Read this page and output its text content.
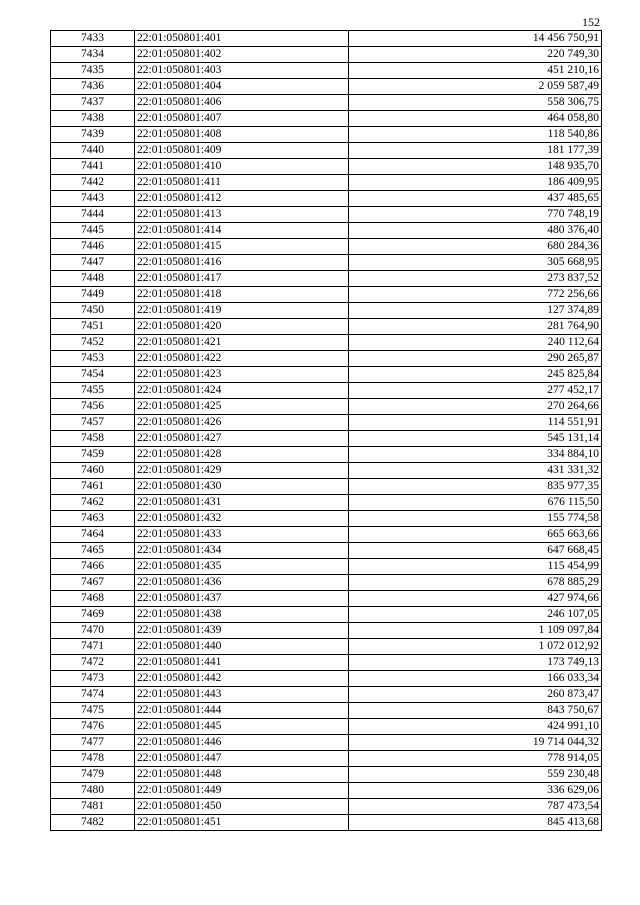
152
7433	22:01:050801:401	14 456 750,91
7434	22:01:050801:402	220 749,30
7435	22:01:050801:403	451 210,16
7436	22:01:050801:404	2 059 587,49
7437	22:01:050801:406	558 306,75
7438	22:01:050801:407	464 058,80
7439	22:01:050801:408	118 540,86
7440	22:01:050801:409	181 177,39
7441	22:01:050801:410	148 935,70
7442	22:01:050801:411	186 409,95
7443	22:01:050801:412	437 485,65
7444	22:01:050801:413	770 748,19
7445	22:01:050801:414	480 376,40
7446	22:01:050801:415	680 284,36
7447	22:01:050801:416	305 668,95
7448	22:01:050801:417	273 837,52
7449	22:01:050801:418	772 256,66
7450	22:01:050801:419	127 374,89
7451	22:01:050801:420	281 764,90
7452	22:01:050801:421	240 112,64
7453	22:01:050801:422	290 265,87
7454	22:01:050801:423	245 825,84
7455	22:01:050801:424	277 452,17
7456	22:01:050801:425	270 264,66
7457	22:01:050801:426	114 551,91
7458	22:01:050801:427	545 131,14
7459	22:01:050801:428	334 884,10
7460	22:01:050801:429	431 331,32
7461	22:01:050801:430	835 977,35
7462	22:01:050801:431	676 115,50
7463	22:01:050801:432	155 774,58
7464	22:01:050801:433	665 663,66
7465	22:01:050801:434	647 668,45
7466	22:01:050801:435	115 454,99
7467	22:01:050801:436	678 885,29
7468	22:01:050801:437	427 974,66
7469	22:01:050801:438	246 107,05
7470	22:01:050801:439	1 109 097,84
7471	22:01:050801:440	1 072 012,92
7472	22:01:050801:441	173 749,13
7473	22:01:050801:442	166 033,34
7474	22:01:050801:443	260 873,47
7475	22:01:050801:444	843 750,67
7476	22:01:050801:445	424 991,10
7477	22:01:050801:446	19 714 044,32
7478	22:01:050801:447	778 914,05
7479	22:01:050801:448	559 230,48
7480	22:01:050801:449	336 629,06
7481	22:01:050801:450	787 473,54
7482	22:01:050801:451	845 413,68
